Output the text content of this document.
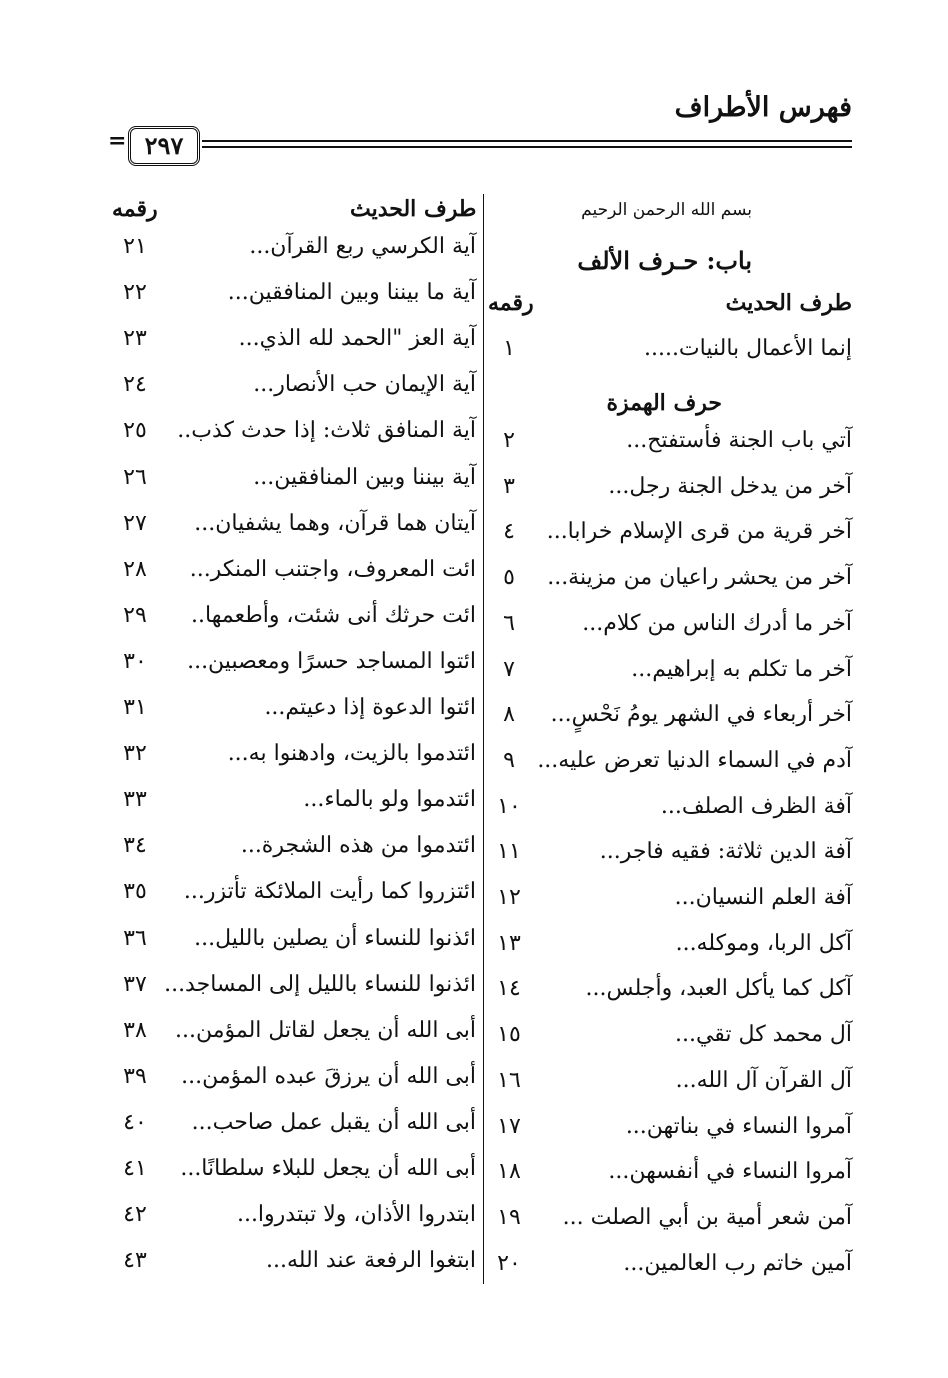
فهرس الأطراف
٢٩٧
=
بسم الله الرحمن الرحيم
باب: حـرف الألف
طرف الحديث
رقمه
حرف الهمزة
إنما الأعمال بالنيات.....
١
آتي باب الجنة فأستفتح...
٢
آخر من يدخل الجنة رجل...
٣
آخر قرية من قرى الإسلام خرابا...
٤
آخر من يحشر راعيان من مزينة...
٥
آخر ما أدرك الناس من كلام...
٦
آخر ما تكلم به إبراهيم...
٧
آخر أربعاء في الشهر يومُ نَحْسٍ...
٨
آدم في السماء الدنيا تعرض عليه...
٩
آفة الظرف الصلف...
١٠
آفة الدين ثلاثة: فقيه فاجر...
١١
آفة العلم النسيان...
١٢
آكل الربا، وموكله...
١٣
آكل كما يأكل العبد، وأجلس...
١٤
آل محمد كل تقي...
١٥
آل القرآن آل الله...
١٦
آمروا النساء في بناتهن...
١٧
آمروا النساء في أنفسهن...
١٨
آمن شعر أمية بن أبي الصلت ...
١٩
آمين خاتم رب العالمين...
٢٠
طرف الحديث
رقمه
آية الكرسي ربع القرآن...
٢١
آية ما بيننا وبين المنافقين...
٢٢
آية العز "الحمد لله الذي...
٢٣
آية الإيمان حب الأنصار...
٢٤
آية المنافق ثلاث: إذا حدث كذب..
٢٥
آية بيننا وبين المنافقين...
٢٦
آيتان هما قرآن، وهما يشفيان...
٢٧
ائت المعروف، واجتنب المنكر...
٢٨
ائت حرثك أنى شئت، وأطعمها..
٢٩
ائتوا المساجد حسرًا ومعصبين...
٣٠
ائتوا الدعوة إذا دعيتم...
٣١
ائتدموا بالزيت، وادهنوا به...
٣٢
ائتدموا ولو بالماء...
٣٣
ائتدموا من هذه الشجرة...
٣٤
ائتزروا كما رأيت الملائكة تأتزر...
٣٥
ائذنوا للنساء أن يصلين بالليل...
٣٦
ائذنوا للنساء بالليل إلى المساجد...
٣٧
أبى الله أن يجعل لقاتل المؤمن...
٣٨
أبى الله أن يرزقَ عبده المؤمن...
٣٩
أبى الله أن يقبل عمل صاحب...
٤٠
أبى الله أن يجعل للبلاء سلطانًا...
٤١
ابتدروا الأذان، ولا تبتدروا...
٤٢
ابتغوا الرفعة عند الله...
٤٣
